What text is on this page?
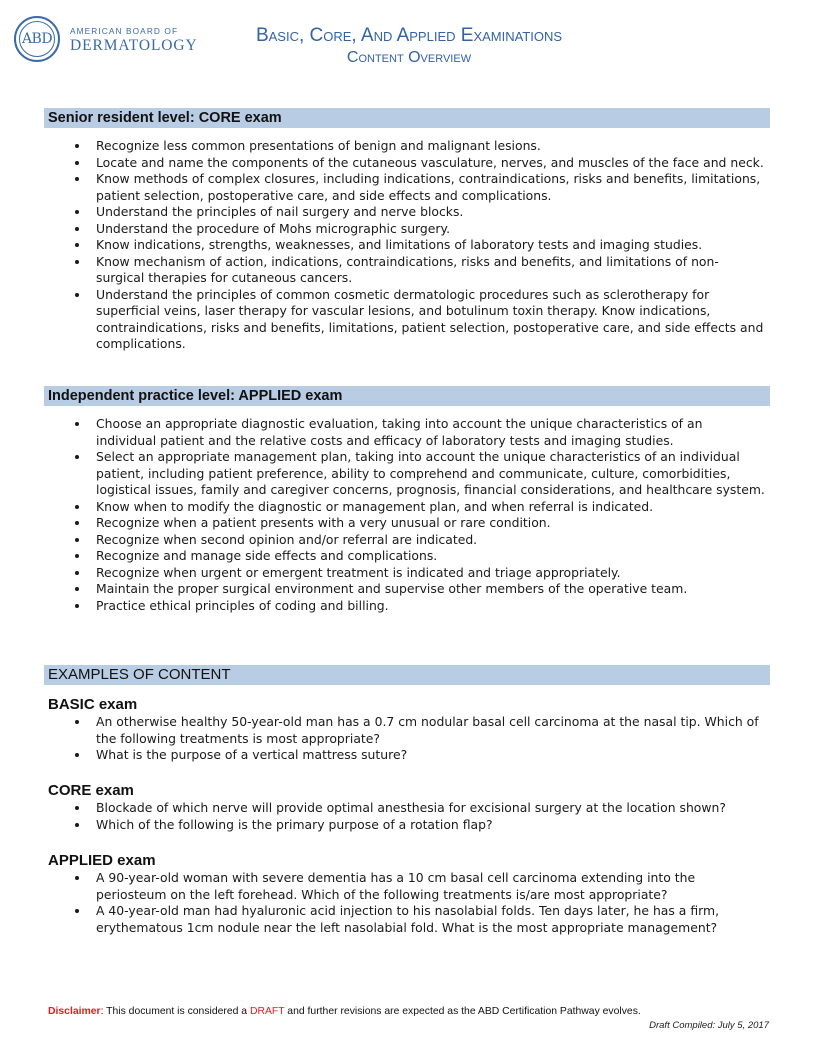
ABD	AMERICAN BOARD OF
DERMATOLOGY	Basic, Core, And Applied Examinations
Content Overview
Senior resident level: CORE exam
Recognize less common presentations of benign and malignant lesions.
Locate and name the components of the cutaneous vasculature, nerves, and muscles of the face and neck.
Know methods of complex closures, including indications, contraindications, risks and benefits, limitations, patient selection, postoperative care, and side effects and complications.
Understand the principles of nail surgery and nerve blocks.
Understand the procedure of Mohs micrographic surgery.
Know indications, strengths, weaknesses, and limitations of laboratory tests and imaging studies.
Know mechanism of action, indications, contraindications, risks and benefits, and limitations of non-surgical therapies for cutaneous cancers.
Understand the principles of common cosmetic dermatologic procedures such as sclerotherapy for superficial veins, laser therapy for vascular lesions, and botulinum toxin therapy. Know indications, contraindications, risks and benefits, limitations, patient selection, postoperative care, and side effects and complications.
Independent practice level: APPLIED exam
Choose an appropriate diagnostic evaluation, taking into account the unique characteristics of an individual patient and the relative costs and efficacy of laboratory tests and imaging studies.
Select an appropriate management plan, taking into account the unique characteristics of an individual patient, including patient preference, ability to comprehend and communicate, culture, comorbidities, logistical issues, family and caregiver concerns, prognosis, financial considerations, and healthcare system.
Know when to modify the diagnostic or management plan, and when referral is indicated.
Recognize when a patient presents with a very unusual or rare condition.
Recognize when second opinion and/or referral are indicated.
Recognize and manage side effects and complications.
Recognize when urgent or emergent treatment is indicated and triage appropriately.
Maintain the proper surgical environment and supervise other members of the operative team.
Practice ethical principles of coding and billing.
EXAMPLES OF CONTENT
BASIC exam
An otherwise healthy 50-year-old man has a 0.7 cm nodular basal cell carcinoma at the nasal tip. Which of the following treatments is most appropriate?
What is the purpose of a vertical mattress suture?
CORE exam
Blockade of which nerve will provide optimal anesthesia for excisional surgery at the location shown?
Which of the following is the primary purpose of a rotation flap?
APPLIED exam
A 90-year-old woman with severe dementia has a 10 cm basal cell carcinoma extending into the periosteum on the left forehead. Which of the following treatments is/are most appropriate?
A 40-year-old man had hyaluronic acid injection to his nasolabial folds. Ten days later, he has a firm, erythematous 1cm nodule near the left nasolabial fold. What is the most appropriate management?
Disclaimer: This document is considered a DRAFT and further revisions are expected as the ABD Certification Pathway evolves.
Draft Compiled: July 5, 2017
